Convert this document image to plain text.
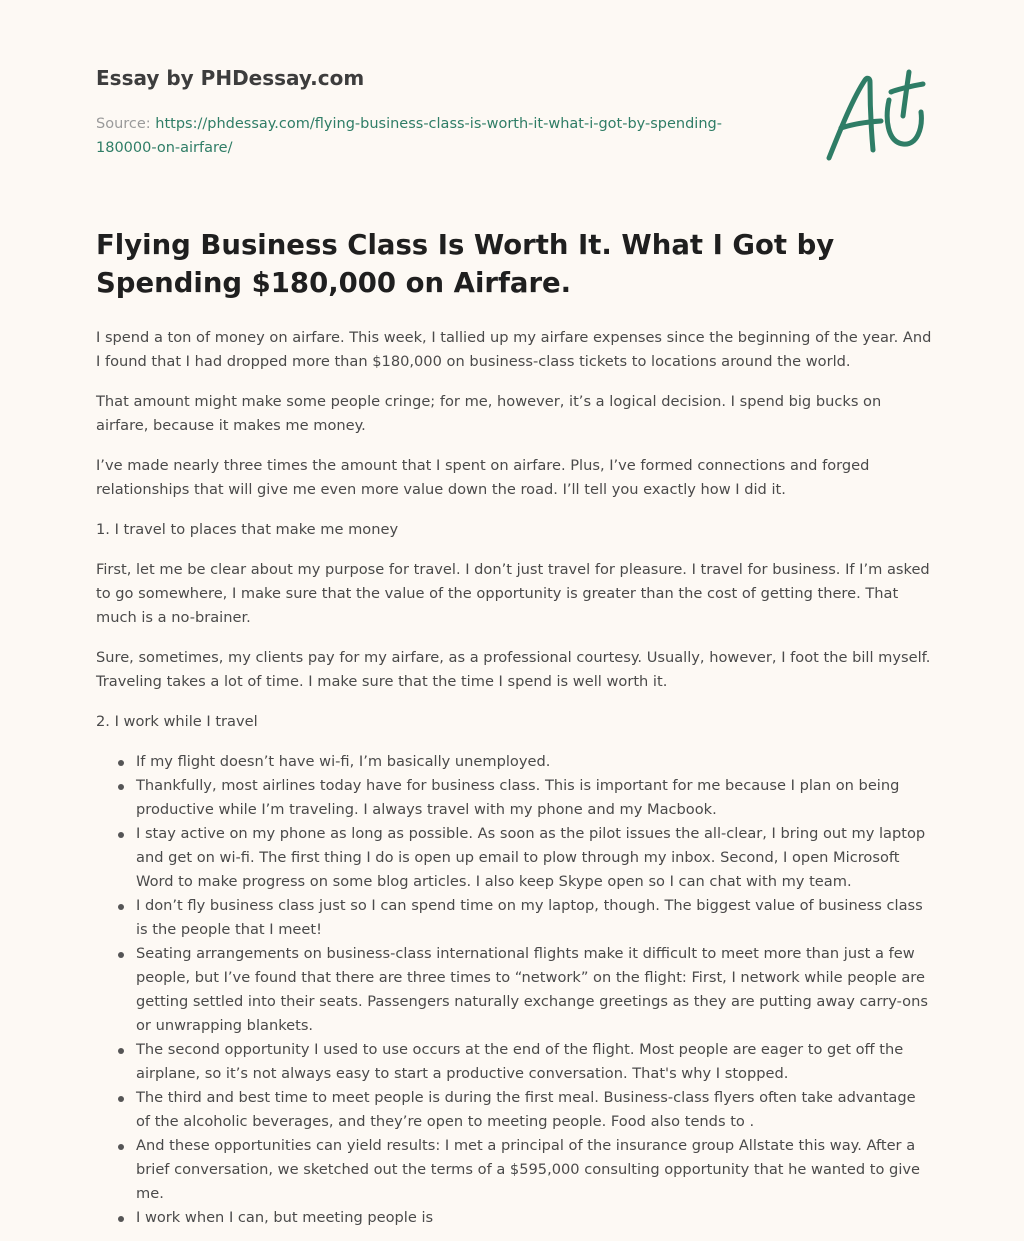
Essay by PHDessay.com
Source: https://phdessay.com/flying-business-class-is-worth-it-what-i-got-by-spending-180000-on-airfare/
Flying Business Class Is Worth It. What I Got by Spending $180,000 on Airfare.

I spend a ton of money on airfare. This week, I tallied up my airfare expenses since the beginning of the year. And I found that I had dropped more than $180,000 on business-class tickets to locations around the world.

That amount might make some people cringe; for me, however, it’s a logical decision. I spend big bucks on airfare, because it makes me money.

I’ve made nearly three times the amount that I spent on airfare. Plus, I’ve formed connections and forged relationships that will give me even more value down the road. I’ll tell you exactly how I did it.

1. I travel to places that make me money

First, let me be clear about my purpose for travel. I don’t just travel for pleasure. I travel for business. If I’m asked to go somewhere, I make sure that the value of the opportunity is greater than the cost of getting there. That much is a no-brainer.

Sure, sometimes, my clients pay for my airfare, as a professional courtesy. Usually, however, I foot the bill myself. Traveling takes a lot of time. I make sure that the time I spend is well worth it.

2. I work while I travel

If my flight doesn’t have wi-fi, I’m basically unemployed.
Thankfully, most airlines today have for business class. This is important for me because I plan on being productive while I’m traveling. I always travel with my phone and my Macbook.
I stay active on my phone as long as possible. As soon as the pilot issues the all-clear, I bring out my laptop and get on wi-fi. The first thing I do is open up email to plow through my inbox. Second, I open Microsoft Word to make progress on some blog articles. I also keep Skype open so I can chat with my team.
I don’t fly business class just so I can spend time on my laptop, though. The biggest value of business class is the people that I meet!
Seating arrangements on business-class international flights make it difficult to meet more than just a few people, but I’ve found that there are three times to “network” on the flight: First, I network while people are getting settled into their seats. Passengers naturally exchange greetings as they are putting away carry-ons or unwrapping blankets.
The second opportunity I used to use occurs at the end of the flight. Most people are eager to get off the airplane, so it’s not always easy to start a productive conversation. That's why I stopped.
The third and best time to meet people is during the first meal. Business-class flyers often take advantage of the alcoholic beverages, and they’re open to meeting people. Food also tends to .
And these opportunities can yield results: I met a principal of the insurance group Allstate this way. After a brief conversation, we sketched out the terms of a $595,000 consulting opportunity that he wanted to give me.
I work when I can, but meeting people is
